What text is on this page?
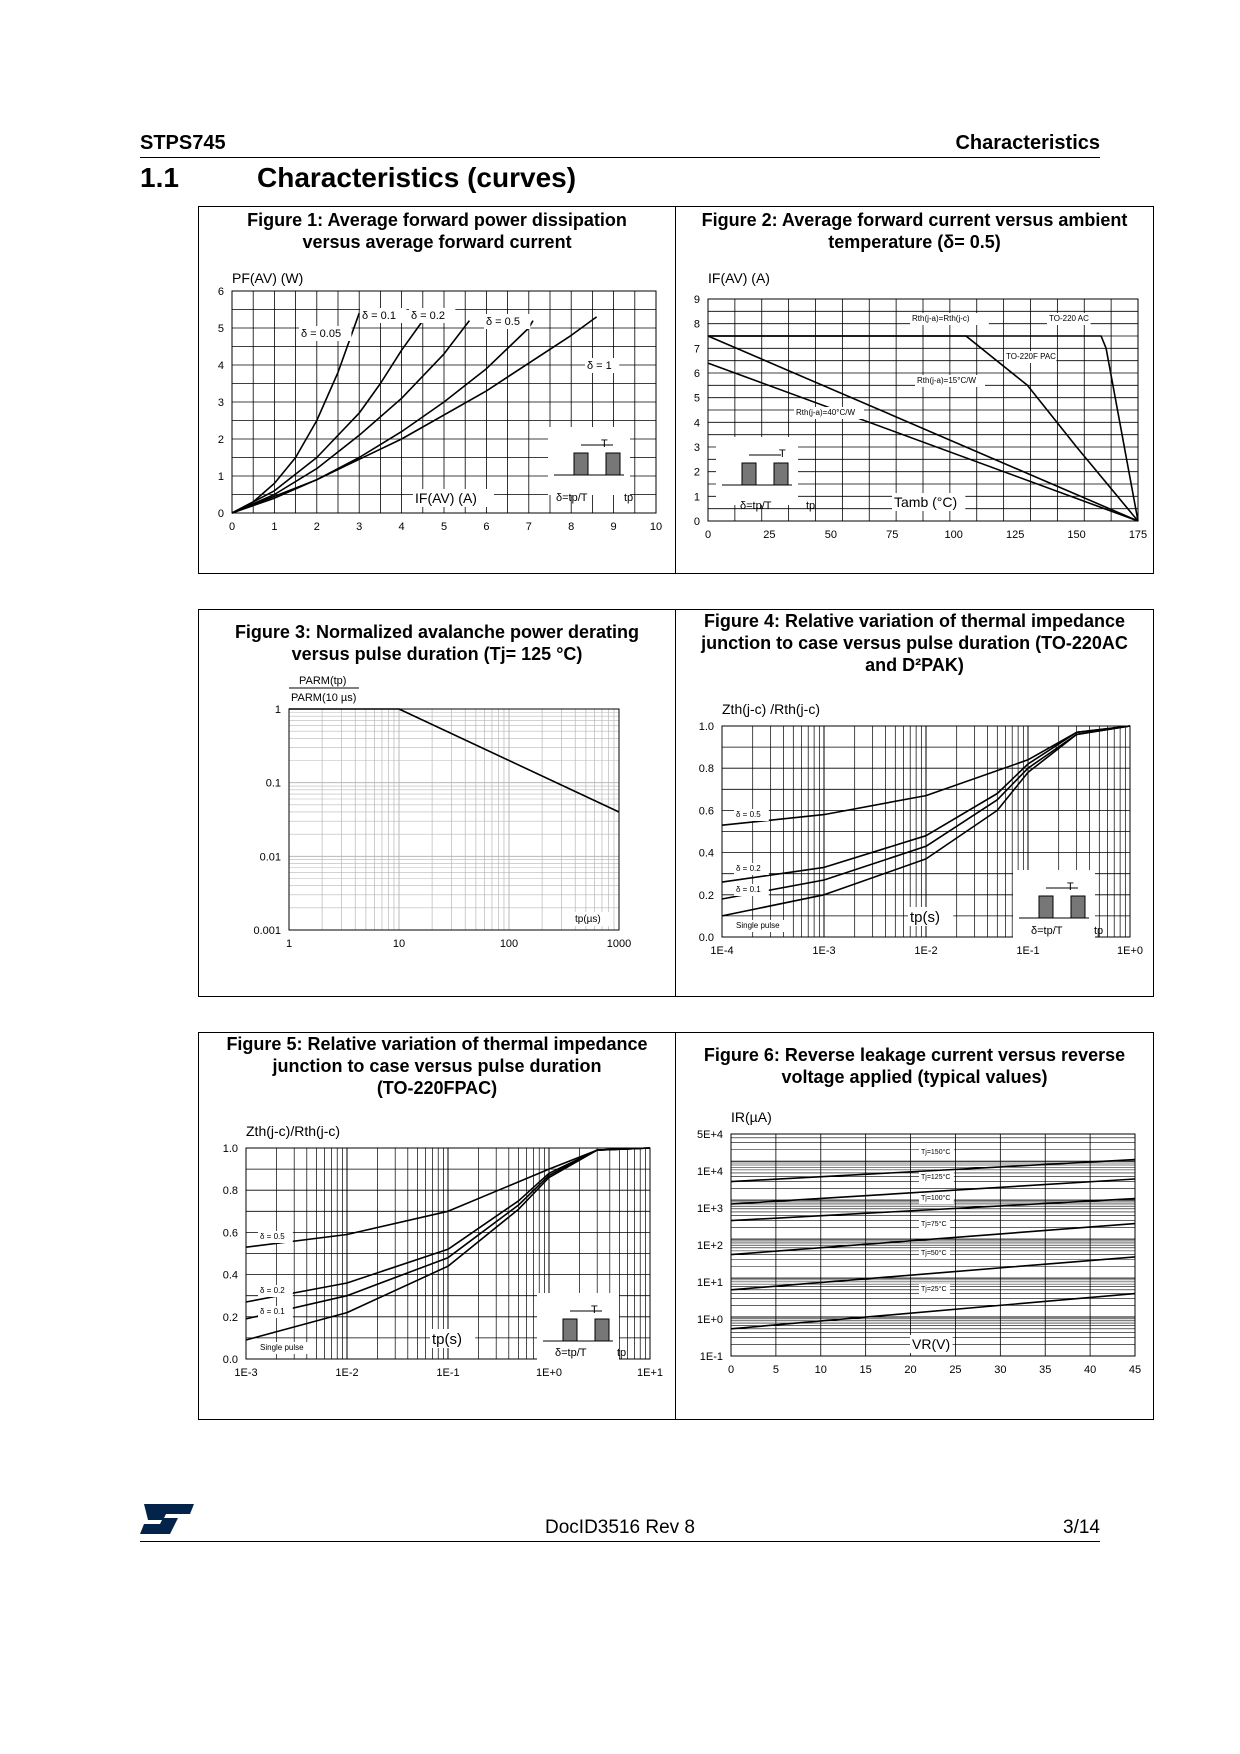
STPS745	Characteristics
1.1	Characteristics (curves)
Figure 1: Average forward power dissipation
versus average forward current
0	1	2	3	4	5	6	7	8	9	10
0
1
2
3
4
5
6
PF(AV) (W)
IF(AV) (A)
δ = 0.05
δ = 0.1 δ = 0.2	δ = 0.5
δ = 1
T
δ=tp/T	tp
Figure 2: Average forward current versus ambient
temperature (δ= 0.5)
0	25	50	75	100	125	150	175
0
1
2
3
4
5
6
7
8
9
IF(AV) (A)
Rth(j-a)=Rth(j-c)	TO-220 AC
TO-220F PAC
Rth(j-a)=15°C/W
Rth(j-a)=40°C/W
T
δ=tp/T	tp	Tamb (°C)
Figure 3: Normalized avalanche power derating
versus pulse duration (Tj= 125 °C)
1	10	100	1000
0.001
0.01
0.1
1
PARM(tp)
PARM(10 µs)
tp(µs)
Figure 4: Relative variation of thermal impedance
junction to case versus pulse duration (TO-220AC
and D²PAK)
1E-4	1E-3	1E-2	1E-1	1E+0
0.0
0.2
0.4
0.6
0.8
1.0
Zth(j-c) /Rth(j-c)
δ = 0.5
δ = 0.2
δ = 0.1
Single pulse	tp(s)
T
δ=tp/T	tp
Figure 5: Relative variation of thermal impedance
junction to case versus pulse duration
(TO-220FPAC)
1E-3	1E-2	1E-1	1E+0	1E+1
0.0
0.2
0.4
0.6
0.8
1.0
Zth(j-c)/Rth(j-c)
δ = 0.5
δ = 0.2
δ = 0.1
Single pulse	tp(s)
T
δ=tp/T	tp
Figure 6: Reverse leakage current versus reverse
voltage applied (typical values)
0	5	10	15	20	25	30	35	40	45
1E-1
1E+0
1E+1
1E+2
1E+3
1E+4
5E+4
IR(µA)
Tj=150°C
Tj=125°C
Tj=100°C
Tj=75°C
Tj=50°C
Tj=25°C
VR(V)
DocID3516 Rev 8	3/14
